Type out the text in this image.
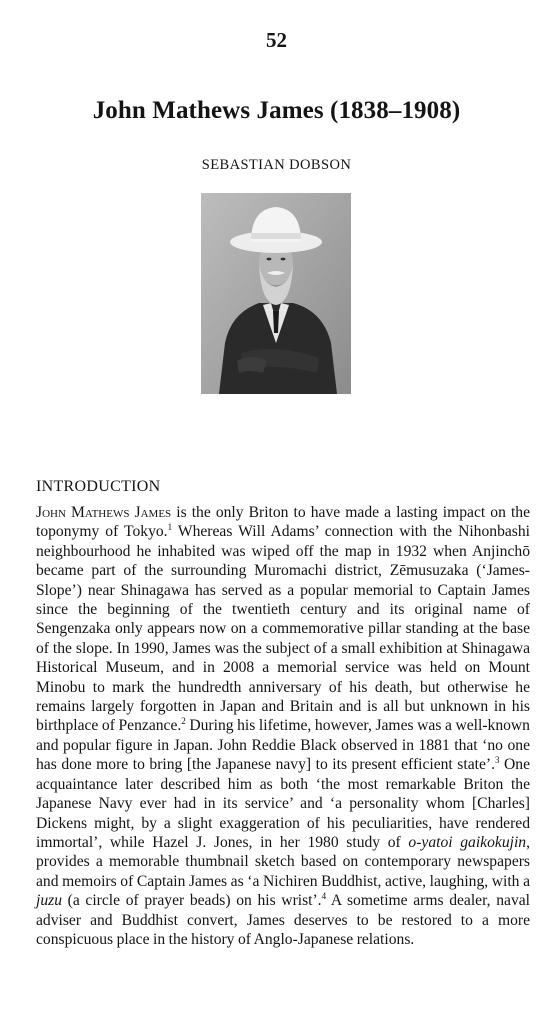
52
John Mathews James (1838–1908)
SEBASTIAN DOBSON
INTRODUCTION

John Mathews James is the only Briton to have made a lasting impact on the toponymy of Tokyo.$^1$ Whereas Will Adams’ connection with the Nihonbashi neighbourhood he inhabited was wiped off the map in 1932 when Anjinchō became part of the surrounding Muromachi district, Zēmusuzaka (‘James-Slope’) near Shinagawa has served as a popular memorial to Captain James since the beginning of the twentieth century and its original name of Sengenzaka only appears now on a commemorative pillar standing at the base of the slope. In 1990, James was the subject of a small exhibition at Shinagawa Historical Museum, and in 2008 a memorial service was held on Mount Minobu to mark the hundredth anniversary of his death, but otherwise he remains largely forgotten in Japan and Britain and is all but unknown in his birthplace of Penzance.$^2$ During his lifetime, however, James was a well-known and popular figure in Japan. John Reddie Black observed in 1881 that ‘no one has done more to bring [the Japanese navy] to its present efficient state’.$^3$ One acquaintance later described him as both ‘the most remarkable Briton the Japanese Navy ever had in its service’ and ‘a personality whom [Charles] Dickens might, by a slight exaggeration of his peculiarities, have rendered immortal’, while Hazel J. Jones, in her 1980 study of o-yatoi gaikokujin, provides a memorable thumbnail sketch based on contemporary newspapers and memoirs of Captain James as ‘a Nichiren Buddhist, active, laughing, with a juzu (a circle of prayer beads) on his wrist’.$^4$ A sometime arms dealer, naval adviser and Buddhist convert, James deserves to be restored to a more conspicuous place in the history of Anglo-Japanese relations.
